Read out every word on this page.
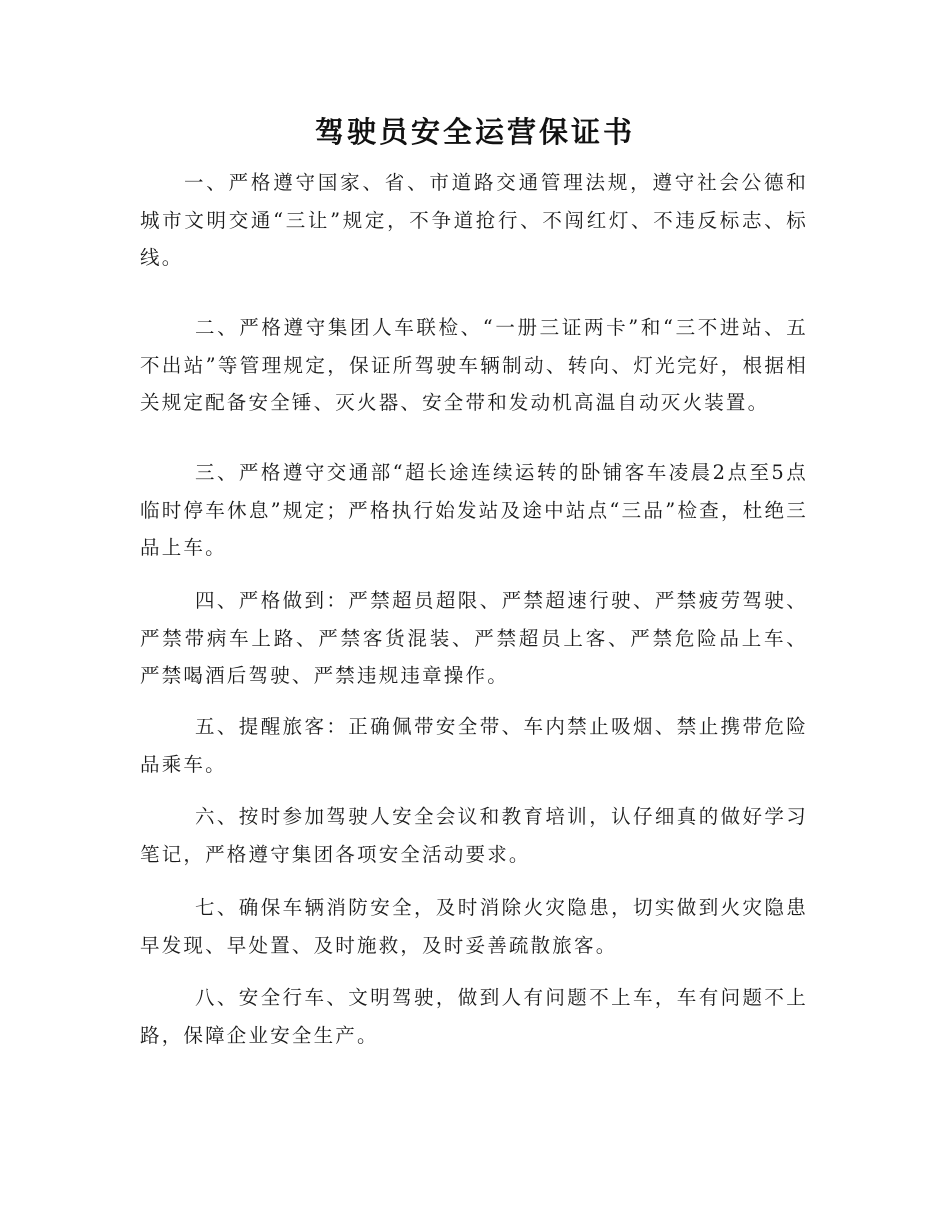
驾驶员安全运营保证书

一、严格遵守国家、省、市道路交通管理法规，遵守社会公德和城市文明交通“三让”规定，不争道抢行、不闯红灯、不违反标志、标线。

二、严格遵守集团人车联检、“一册三证两卡”和“三不进站、五不出站”等管理规定，保证所驾驶车辆制动、转向、灯光完好，根据相关规定配备安全锤、灭火器、安全带和发动机高温自动灭火装置。

三、严格遵守交通部“超长途连续运转的卧铺客车凌晨2点至5点临时停车休息”规定；严格执行始发站及途中站点“三品”检查，杜绝三品上车。

四、严格做到：严禁超员超限、严禁超速行驶、严禁疲劳驾驶、严禁带病车上路、严禁客货混装、严禁超员上客、严禁危险品上车、严禁喝酒后驾驶、严禁违规违章操作。

五、提醒旅客：正确佩带安全带、车内禁止吸烟、禁止携带危险品乘车。

六、按时参加驾驶人安全会议和教育培训，认仔细真的做好学习笔记，严格遵守集团各项安全活动要求。

七、确保车辆消防安全，及时消除火灾隐患，切实做到火灾隐患早发现、早处置、及时施救，及时妥善疏散旅客。

八、安全行车、文明驾驶，做到人有问题不上车，车有问题不上路，保障企业安全生产。
